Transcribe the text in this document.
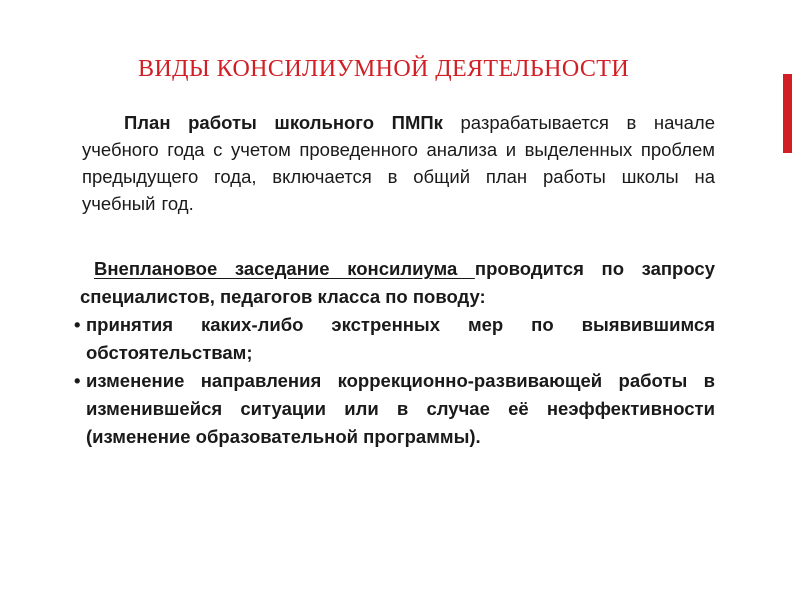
ВИДЫ КОНСИЛИУМНОЙ ДЕЯТЕЛЬНОСТИ
План работы школьного ПМПк разрабатывается в начале учебного года с учетом проведенного анализа и выделенных проблем предыдущего года, включается в общий план работы школы на учебный год.
Внеплановое заседание консилиума проводится по запросу специалистов, педагогов класса по поводу:
• принятия каких-либо экстренных мер по выявившимся обстоятельствам;
• изменение направления коррекционно-развивающей работы в изменившейся ситуации или в случае её неэффективности (изменение образовательной программы).
